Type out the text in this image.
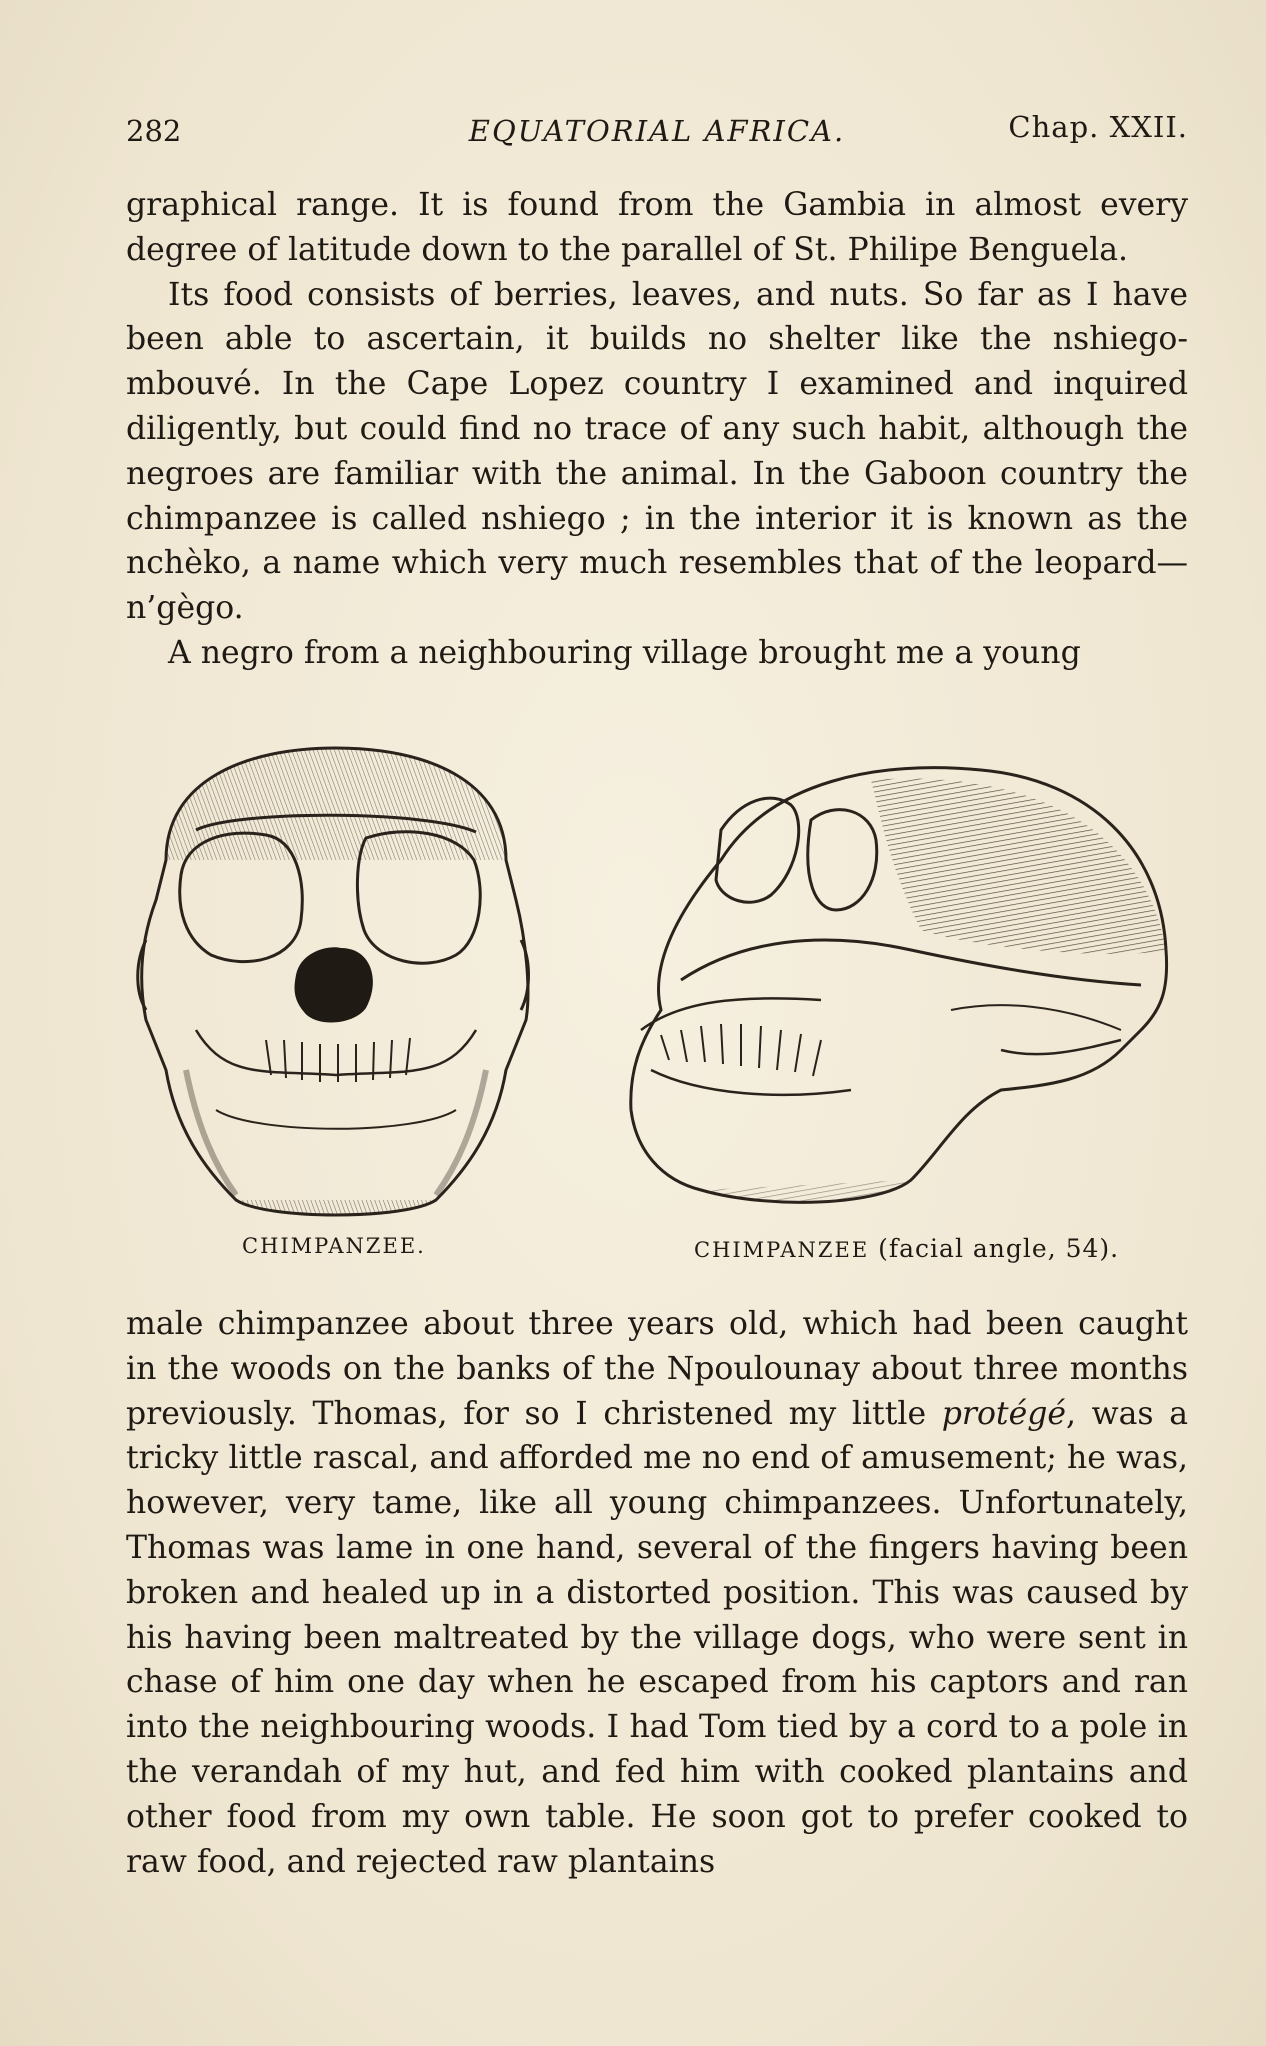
282	EQUATORIAL AFRICA.	Chap. XXII.

graphical range. It is found from the Gambia in almost every degree of latitude down to the parallel of St. Philipe Benguela.

Its food consists of berries, leaves, and nuts. So far as I have been able to ascertain, it builds no shelter like the nshiego-mbouvé. In the Cape Lopez country I examined and inquired diligently, but could find no trace of any such habit, although the negroes are familiar with the animal. In the Gaboon country the chimpanzee is called nshiego ; in the interior it is known as the nchèko, a name which very much resembles that of the leopard—n’gègo.

A negro from a neighbouring village brought me a young

CHIMPANZEE.	CHIMPANZEE (facial angle, 54).

male chimpanzee about three years old, which had been caught in the woods on the banks of the Npoulounay about three months previously. Thomas, for so I christened my little protégé, was a tricky little rascal, and afforded me no end of amusement; he was, however, very tame, like all young chimpanzees. Unfortunately, Thomas was lame in one hand, several of the fingers having been broken and healed up in a distorted position. This was caused by his having been maltreated by the village dogs, who were sent in chase of him one day when he escaped from his captors and ran into the neighbouring woods. I had Tom tied by a cord to a pole in the verandah of my hut, and fed him with cooked plantains and other food from my own table. He soon got to prefer cooked to raw food, and rejected raw plantains
